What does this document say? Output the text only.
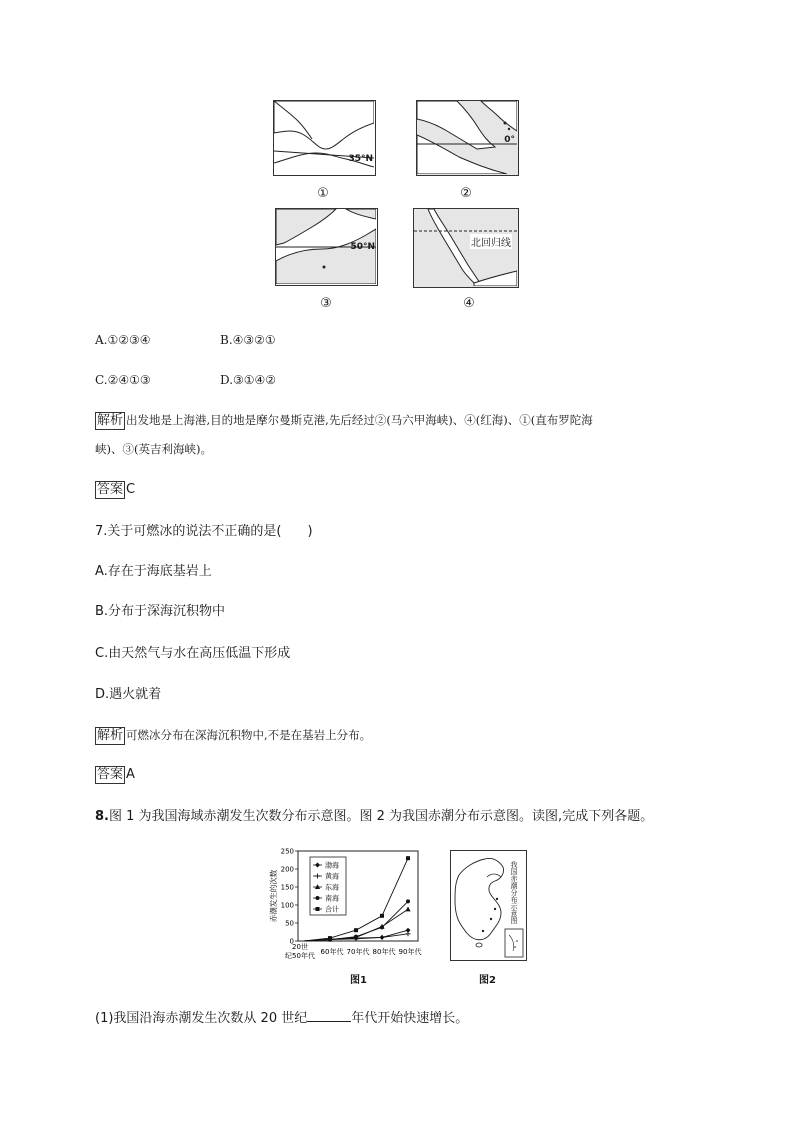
35°N
①
0°
②
50°N
③
北回归线
④
A.①②③④	B.④③②①
C.②④①③	D.③①④②
解析 出发地是上海港,目的地是摩尔曼斯克港,先后经过②(马六甲海峡)、④(红海)、①(直布罗陀海
峡)、③(英吉利海峡)。
答案 C
7.关于可燃冰的说法不正确的是(　　)
A.存在于海底基岩上
B.分布于深海沉积物中
C.由天然气与水在高压低温下形成
D.遇火就着
解析 可燃冰分布在深海沉积物中,不是在基岩上分布。
答案 A
8.图 1 为我国海域赤潮发生次数分布示意图。图 2 为我国赤潮分布示意图。读图,完成下列各题。
0
50
100
150
200
250
赤潮发生的次数
20世
纪50年代 60年代 70年代 80年代 90年代
渤海
黄海
东海
南海
合计
图1
我国赤潮分布示意图
图2
(1)我国沿海赤潮发生次数从 20 世纪	年代开始快速增长。
